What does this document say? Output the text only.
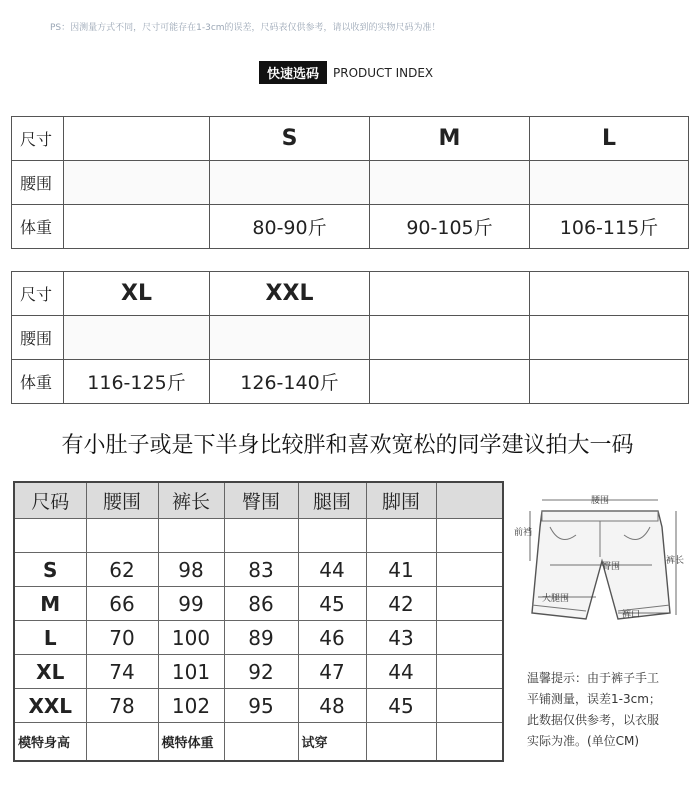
PS：因测量方式不同，尺寸可能存在1-3cm的误差，尺码表仅供参考，请以收到的实物尺码为准！
快速选码	PRODUCT INDEX
尺寸		S	M	L
腰围				
体重		80-90斤	90-105斤	106-115斤
尺寸	XL	XXL		
腰围				
体重	116-125斤	126-140斤		
有小肚子或是下半身比较胖和喜欢宽松的同学建议拍大一码
尺码	腰围	裤长	臀围	腿围	脚围	

S	62	98	83	44	41	
M	66	99	86	45	42	
L	70	100	89	46	43	
XL	74	101	92	47	44	
XXL	78	102	95	48	45	
模特身高		模特体重		试穿		
腰围
前裆
裤长
臀围
大腿围
裤口
温馨提示：由于裤子手工
平铺测量，误差1-3cm；
此数据仅供参考，以衣服
实际为准。(单位CM)
